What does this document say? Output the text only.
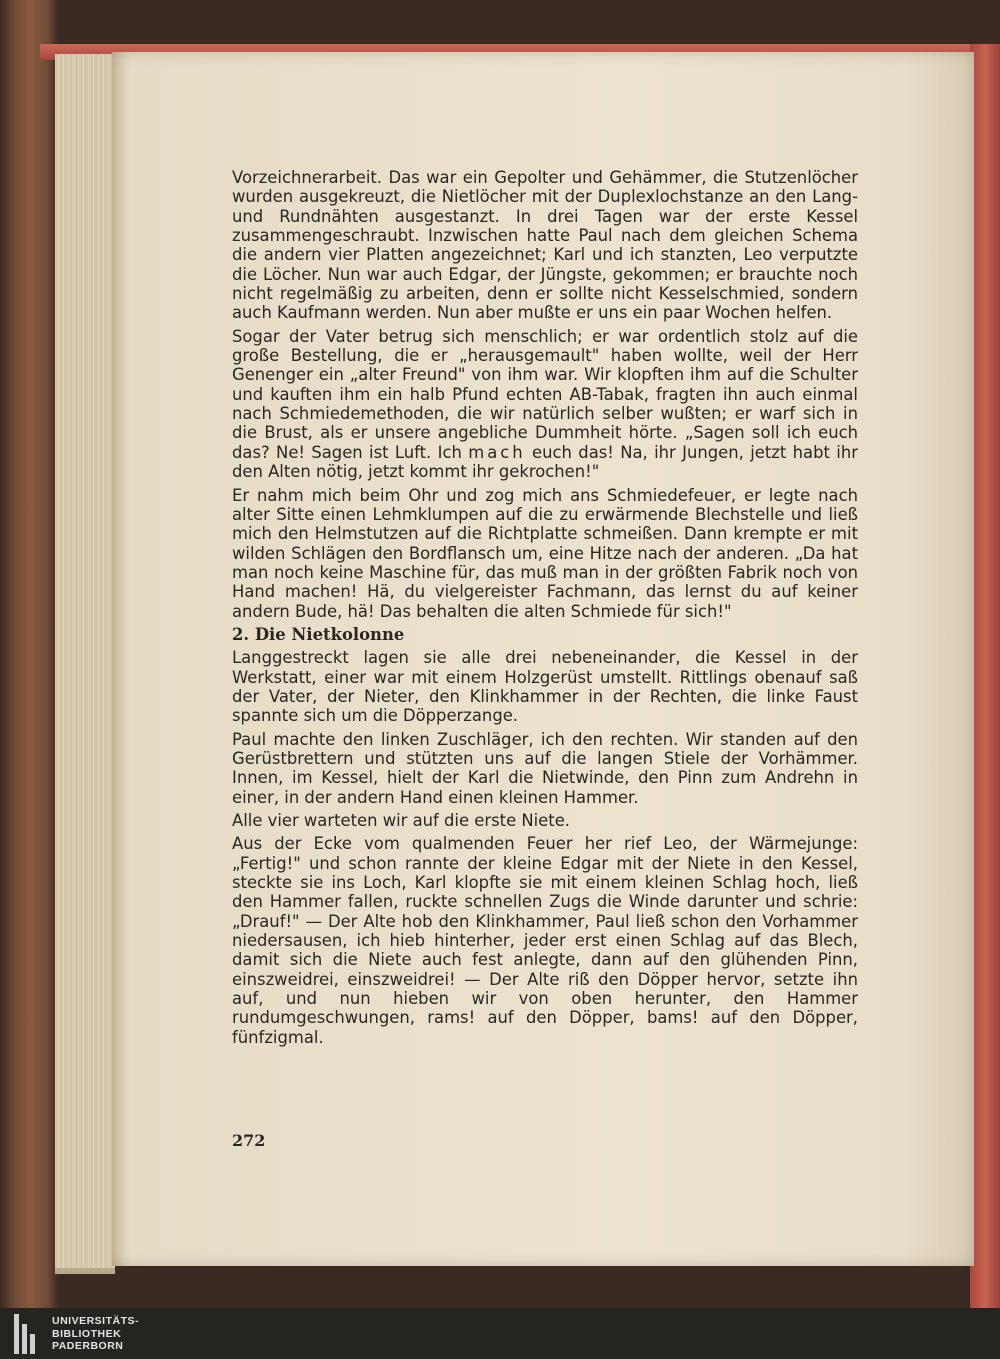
Vorzeichnerarbeit. Das war ein Gepolter und Gehämmer, die Stutzenlöcher wurden ausgekreuzt, die Nietlöcher mit der Duplexlochstanze an den Lang- und Rundnähten ausgestanzt. In drei Tagen war der erste Kessel zusammengeschraubt. Inzwischen hatte Paul nach dem gleichen Schema die andern vier Platten angezeichnet; Karl und ich stanzten, Leo verputzte die Löcher. Nun war auch Edgar, der Jüngste, gekommen; er brauchte noch nicht regelmäßig zu arbeiten, denn er sollte nicht Kesselschmied, sondern auch Kaufmann werden. Nun aber mußte er uns ein paar Wochen helfen.

Sogar der Vater betrug sich menschlich; er war ordentlich stolz auf die große Bestellung, die er „herausgemault" haben wollte, weil der Herr Genenger ein „alter Freund" von ihm war. Wir klopften ihm auf die Schulter und kauften ihm ein halb Pfund echten AB-Tabak, fragten ihn auch einmal nach Schmiedemethoden, die wir natürlich selber wußten; er warf sich in die Brust, als er unsere angebliche Dummheit hörte. „Sagen soll ich euch das? Ne! Sagen ist Luft. Ich mach euch das! Na, ihr Jungen, jetzt habt ihr den Alten nötig, jetzt kommt ihr gekrochen!"

Er nahm mich beim Ohr und zog mich ans Schmiedefeuer, er legte nach alter Sitte einen Lehmklumpen auf die zu erwärmende Blechstelle und ließ mich den Helmstutzen auf die Richtplatte schmeißen. Dann krempte er mit wilden Schlägen den Bordflansch um, eine Hitze nach der anderen. „Da hat man noch keine Maschine für, das muß man in der größten Fabrik noch von Hand machen! Hä, du vielgereister Fachmann, das lernst du auf keiner andern Bude, hä! Das behalten die alten Schmiede für sich!"

2. Die Nietkolonne

Langgestreckt lagen sie alle drei nebeneinander, die Kessel in der Werkstatt, einer war mit einem Holzgerüst umstellt. Rittlings obenauf saß der Vater, der Nieter, den Klinkhammer in der Rechten, die linke Faust spannte sich um die Döpperzange.

Paul machte den linken Zuschläger, ich den rechten. Wir standen auf den Gerüstbrettern und stützten uns auf die langen Stiele der Vorhämmer. Innen, im Kessel, hielt der Karl die Nietwinde, den Pinn zum Andrehn in einer, in der andern Hand einen kleinen Hammer.

Alle vier warteten wir auf die erste Niete.

Aus der Ecke vom qualmenden Feuer her rief Leo, der Wärmejunge: „Fertig!" und schon rannte der kleine Edgar mit der Niete in den Kessel, steckte sie ins Loch, Karl klopfte sie mit einem kleinen Schlag hoch, ließ den Hammer fallen, ruckte schnellen Zugs die Winde darunter und schrie: „Drauf!" — Der Alte hob den Klinkhammer, Paul ließ schon den Vorhammer niedersausen, ich hieb hinterher, jeder erst einen Schlag auf das Blech, damit sich die Niete auch fest anlegte, dann auf den glühenden Pinn, einszweidrei, einszweidrei! — Der Alte riß den Döpper hervor, setzte ihn auf, und nun hieben wir von oben herunter, den Hammer rundumgeschwungen, rams! auf den Döpper, bams! auf den Döpper, fünfzigmal.

272
UNIVERSITÄTS-
BIBLIOTHEK
PADERBORN
